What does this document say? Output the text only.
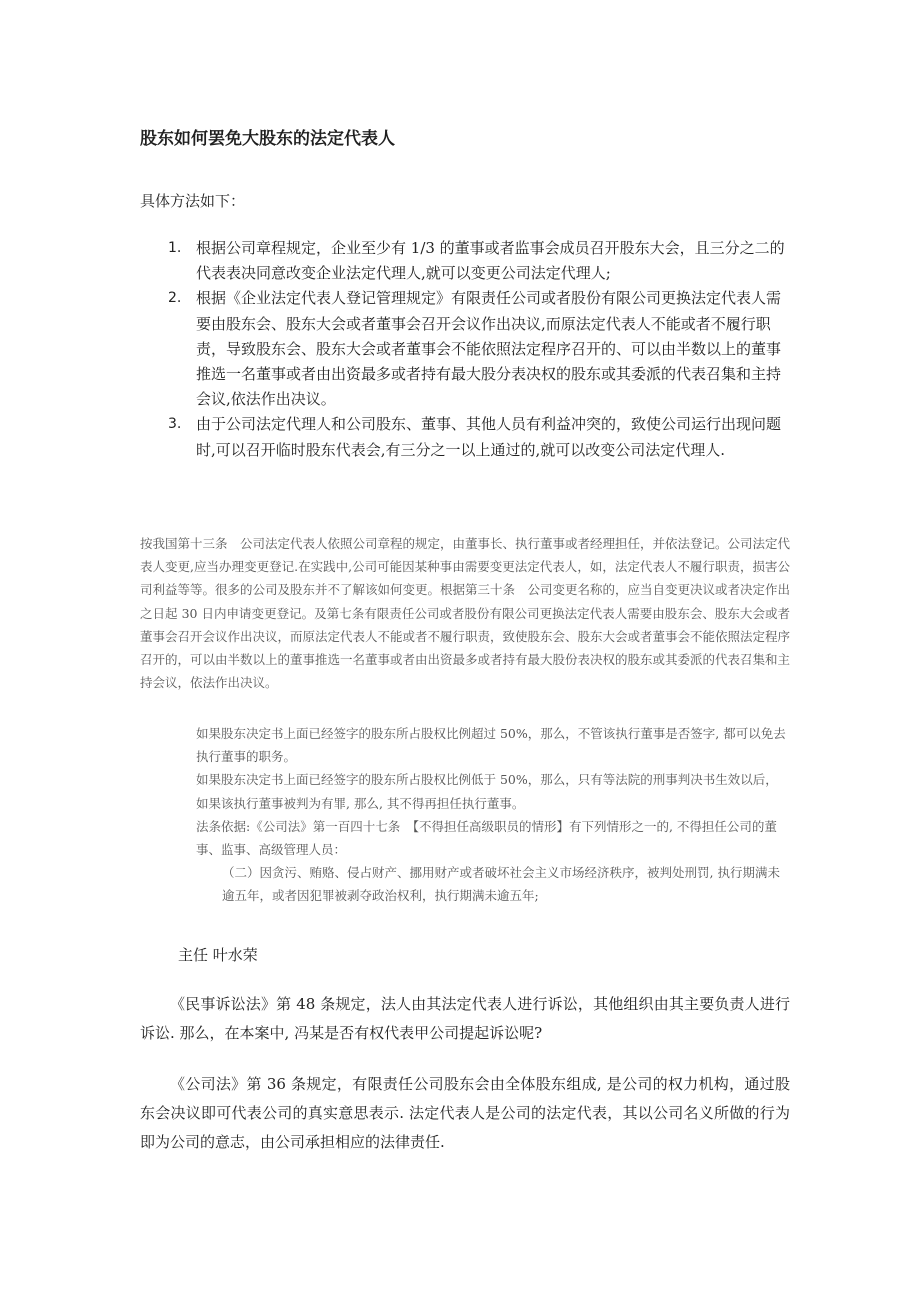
股东如何罢免大股东的法定代表人
具体方法如下：
1. 根据公司章程规定，企业至少有 1/3 的董事或者监事会成员召开股东大会，且三分之二的代表表决同意改变企业法定代理人,就可以变更公司法定代理人;
2. 根据《企业法定代表人登记管理规定》有限责任公司或者股份有限公司更换法定代表人需要由股东会、股东大会或者董事会召开会议作出决议,而原法定代表人不能或者不履行职责，导致股东会、股东大会或者董事会不能依照法定程序召开的、可以由半数以上的董事推选一名董事或者由出资最多或者持有最大股分表决权的股东或其委派的代表召集和主持会议,依法作出决议。
3. 由于公司法定代理人和公司股东、董事、其他人员有利益冲突的，致使公司运行出现问题时,可以召开临时股东代表会,有三分之一以上通过的,就可以改变公司法定代理人.
按我国第十三条　公司法定代表人依照公司章程的规定，由董事长、执行董事或者经理担任，并依法登记。公司法定代表人变更,应当办理变更登记.在实践中,公司可能因某种事由需要变更法定代表人，如，法定代表人不履行职责，损害公司利益等等。很多的公司及股东并不了解该如何变更。根据第三十条　公司变更名称的，应当自变更决议或者决定作出之日起 30 日内申请变更登记。及第七条有限责任公司或者股份有限公司更换法定代表人需要由股东会、股东大会或者董事会召开会议作出决议，而原法定代表人不能或者不履行职责，致使股东会、股东大会或者董事会不能依照法定程序召开的，可以由半数以上的董事推选一名董事或者由出资最多或者持有最大股份表决权的股东或其委派的代表召集和主持会议，依法作出决议。

如果股东决定书上面已经签字的股东所占股权比例超过 50%，那么，不管该执行董事是否签字, 都可以免去执行董事的职务。

如果股东决定书上面已经签字的股东所占股权比例低于 50%，那么，只有等法院的刑事判决书生效以后，如果该执行董事被判为有罪, 那么, 其不得再担任执行董事。

法条依据:《公司法》第一百四十七条　【不得担任高级职员的情形】有下列情形之一的, 不得担任公司的董事、监事、高级管理人员：

（二）因贪污、贿赂、侵占财产、挪用财产或者破坏社会主义市场经济秩序，被判处刑罚, 执行期满未逾五年，或者因犯罪被剥夺政治权利，执行期满未逾五年;

主任 叶水荣
《民事诉讼法》第 48 条规定，法人由其法定代表人进行诉讼，其他组织由其主要负责人进行诉讼. 那么，在本案中, 冯某是否有权代表甲公司提起诉讼呢?
《公司法》第 36 条规定，有限责任公司股东会由全体股东组成, 是公司的权力机构，通过股东会决议即可代表公司的真实意思表示. 法定代表人是公司的法定代表，其以公司名义所做的行为即为公司的意志，由公司承担相应的法律责任.
